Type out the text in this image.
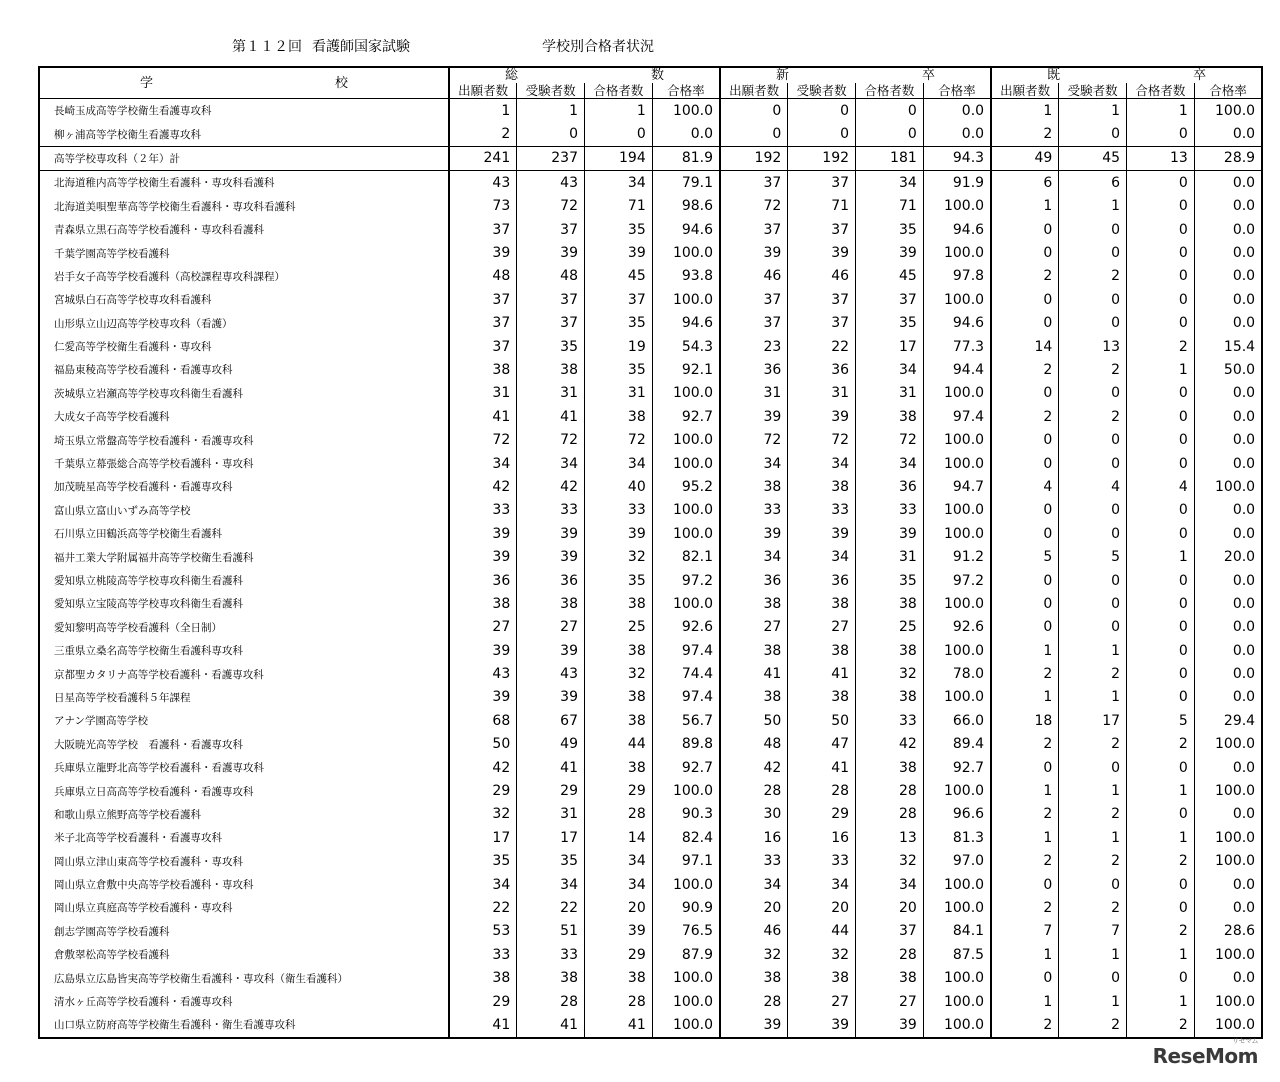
第１１２回 看護師国家試験	学校別合格者状況
学 校	総 数				新 卒				既 卒			

	出願者数	受験者数	合格者数	合格率	出願者数	受験者数	合格者数	合格率	出願者数	受験者数	合格者数	合格率
長崎玉成高等学校衛生看護専攻科	1	1	1	100.0	0	0	0	0.0	1	1	1	100.0
柳ヶ浦高等学校衛生看護専攻科	2	0	0	0.0	0	0	0	0.0	2	0	0	0.0
高等学校専攻科（２年）計	241	237	194	81.9	192	192	181	94.3	49	45	13	28.9
北海道稚内高等学校衛生看護科・専攻科看護科	43	43	34	79.1	37	37	34	91.9	6	6	0	0.0
北海道美唄聖華高等学校衛生看護科・専攻科看護科	73	72	71	98.6	72	71	71	100.0	1	1	0	0.0
青森県立黒石高等学校看護科・専攻科看護科	37	37	35	94.6	37	37	35	94.6	0	0	0	0.0
千葉学園高等学校看護科	39	39	39	100.0	39	39	39	100.0	0	0	0	0.0
岩手女子高等学校看護科（高校課程専攻科課程）	48	48	45	93.8	46	46	45	97.8	2	2	0	0.0
宮城県白石高等学校専攻科看護科	37	37	37	100.0	37	37	37	100.0	0	0	0	0.0
山形県立山辺高等学校専攻科（看護）	37	37	35	94.6	37	37	35	94.6	0	0	0	0.0
仁愛高等学校衛生看護科・専攻科	37	35	19	54.3	23	22	17	77.3	14	13	2	15.4
福島東稜高等学校看護科・看護専攻科	38	38	35	92.1	36	36	34	94.4	2	2	1	50.0
茨城県立岩瀬高等学校専攻科衛生看護科	31	31	31	100.0	31	31	31	100.0	0	0	0	0.0
大成女子高等学校看護科	41	41	38	92.7	39	39	38	97.4	2	2	0	0.0
埼玉県立常盤高等学校看護科・看護専攻科	72	72	72	100.0	72	72	72	100.0	0	0	0	0.0
千葉県立幕張総合高等学校看護科・専攻科	34	34	34	100.0	34	34	34	100.0	0	0	0	0.0
加茂暁星高等学校看護科・看護専攻科	42	42	40	95.2	38	38	36	94.7	4	4	4	100.0
富山県立富山いずみ高等学校	33	33	33	100.0	33	33	33	100.0	0	0	0	0.0
石川県立田鶴浜高等学校衛生看護科	39	39	39	100.0	39	39	39	100.0	0	0	0	0.0
福井工業大学附属福井高等学校衛生看護科	39	39	32	82.1	34	34	31	91.2	5	5	1	20.0
愛知県立桃陵高等学校専攻科衛生看護科	36	36	35	97.2	36	36	35	97.2	0	0	0	0.0
愛知県立宝陵高等学校専攻科衛生看護科	38	38	38	100.0	38	38	38	100.0	0	0	0	0.0
愛知黎明高等学校看護科（全日制）	27	27	25	92.6	27	27	25	92.6	0	0	0	0.0
三重県立桑名高等学校衛生看護科専攻科	39	39	38	97.4	38	38	38	100.0	1	1	0	0.0
京都聖カタリナ高等学校看護科・看護専攻科	43	43	32	74.4	41	41	32	78.0	2	2	0	0.0
日星高等学校看護科５年課程	39	39	38	97.4	38	38	38	100.0	1	1	0	0.0
アナン学園高等学校	68	67	38	56.7	50	50	33	66.0	18	17	5	29.4
大阪暁光高等学校　看護科・看護専攻科	50	49	44	89.8	48	47	42	89.4	2	2	2	100.0
兵庫県立龍野北高等学校看護科・看護専攻科	42	41	38	92.7	42	41	38	92.7	0	0	0	0.0
兵庫県立日高高等学校看護科・看護専攻科	29	29	29	100.0	28	28	28	100.0	1	1	1	100.0
和歌山県立熊野高等学校看護科	32	31	28	90.3	30	29	28	96.6	2	2	0	0.0
米子北高等学校看護科・看護専攻科	17	17	14	82.4	16	16	13	81.3	1	1	1	100.0
岡山県立津山東高等学校看護科・専攻科	35	35	34	97.1	33	33	32	97.0	2	2	2	100.0
岡山県立倉敷中央高等学校看護科・専攻科	34	34	34	100.0	34	34	34	100.0	0	0	0	0.0
岡山県立真庭高等学校看護科・専攻科	22	22	20	90.9	20	20	20	100.0	2	2	0	0.0
創志学園高等学校看護科	53	51	39	76.5	46	44	37	84.1	7	7	2	28.6
倉敷翠松高等学校看護科	33	33	29	87.9	32	32	28	87.5	1	1	1	100.0
広島県立広島皆実高等学校衛生看護科・専攻科（衛生看護科）	38	38	38	100.0	38	38	38	100.0	0	0	0	0.0
清水ヶ丘高等学校看護科・看護専攻科	29	28	28	100.0	28	27	27	100.0	1	1	1	100.0
山口県立防府高等学校衛生看護科・衛生看護専攻科	41	41	41	100.0	39	39	39	100.0	2	2	2	100.0
リセマム
ReseMom
